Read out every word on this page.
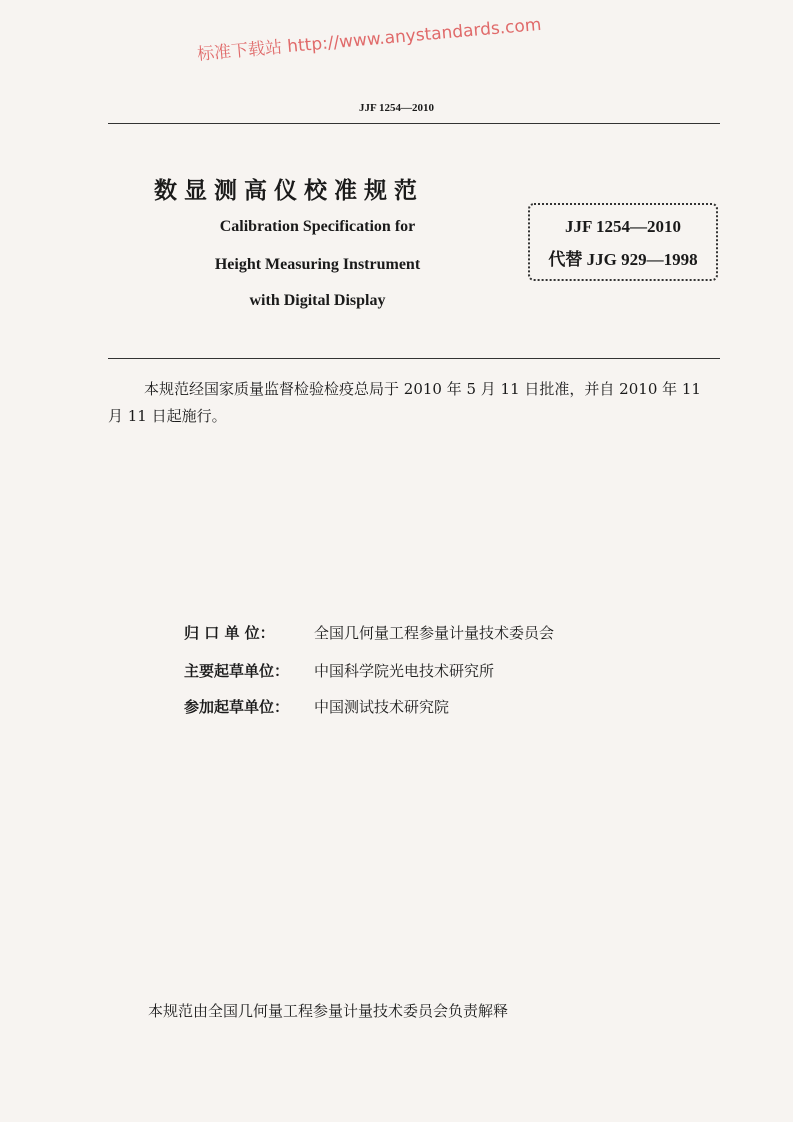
标准下载站 http://www.anystandards.com
JJF 1254—2010
数显测高仪校准规范
Calibration Specification for
Height Measuring Instrument
with Digital Display
JJF 1254—2010
代替 JJG 929—1998
本规范经国家质量监督检验检疫总局于 2010 年 5 月 11 日批准，并自 2010 年 11 月 11 日起施行。
归 口 单 位：	全国几何量工程参量计量技术委员会
主要起草单位： 中国科学院光电技术研究所
参加起草单位： 中国测试技术研究院
本规范由全国几何量工程参量计量技术委员会负责解释
